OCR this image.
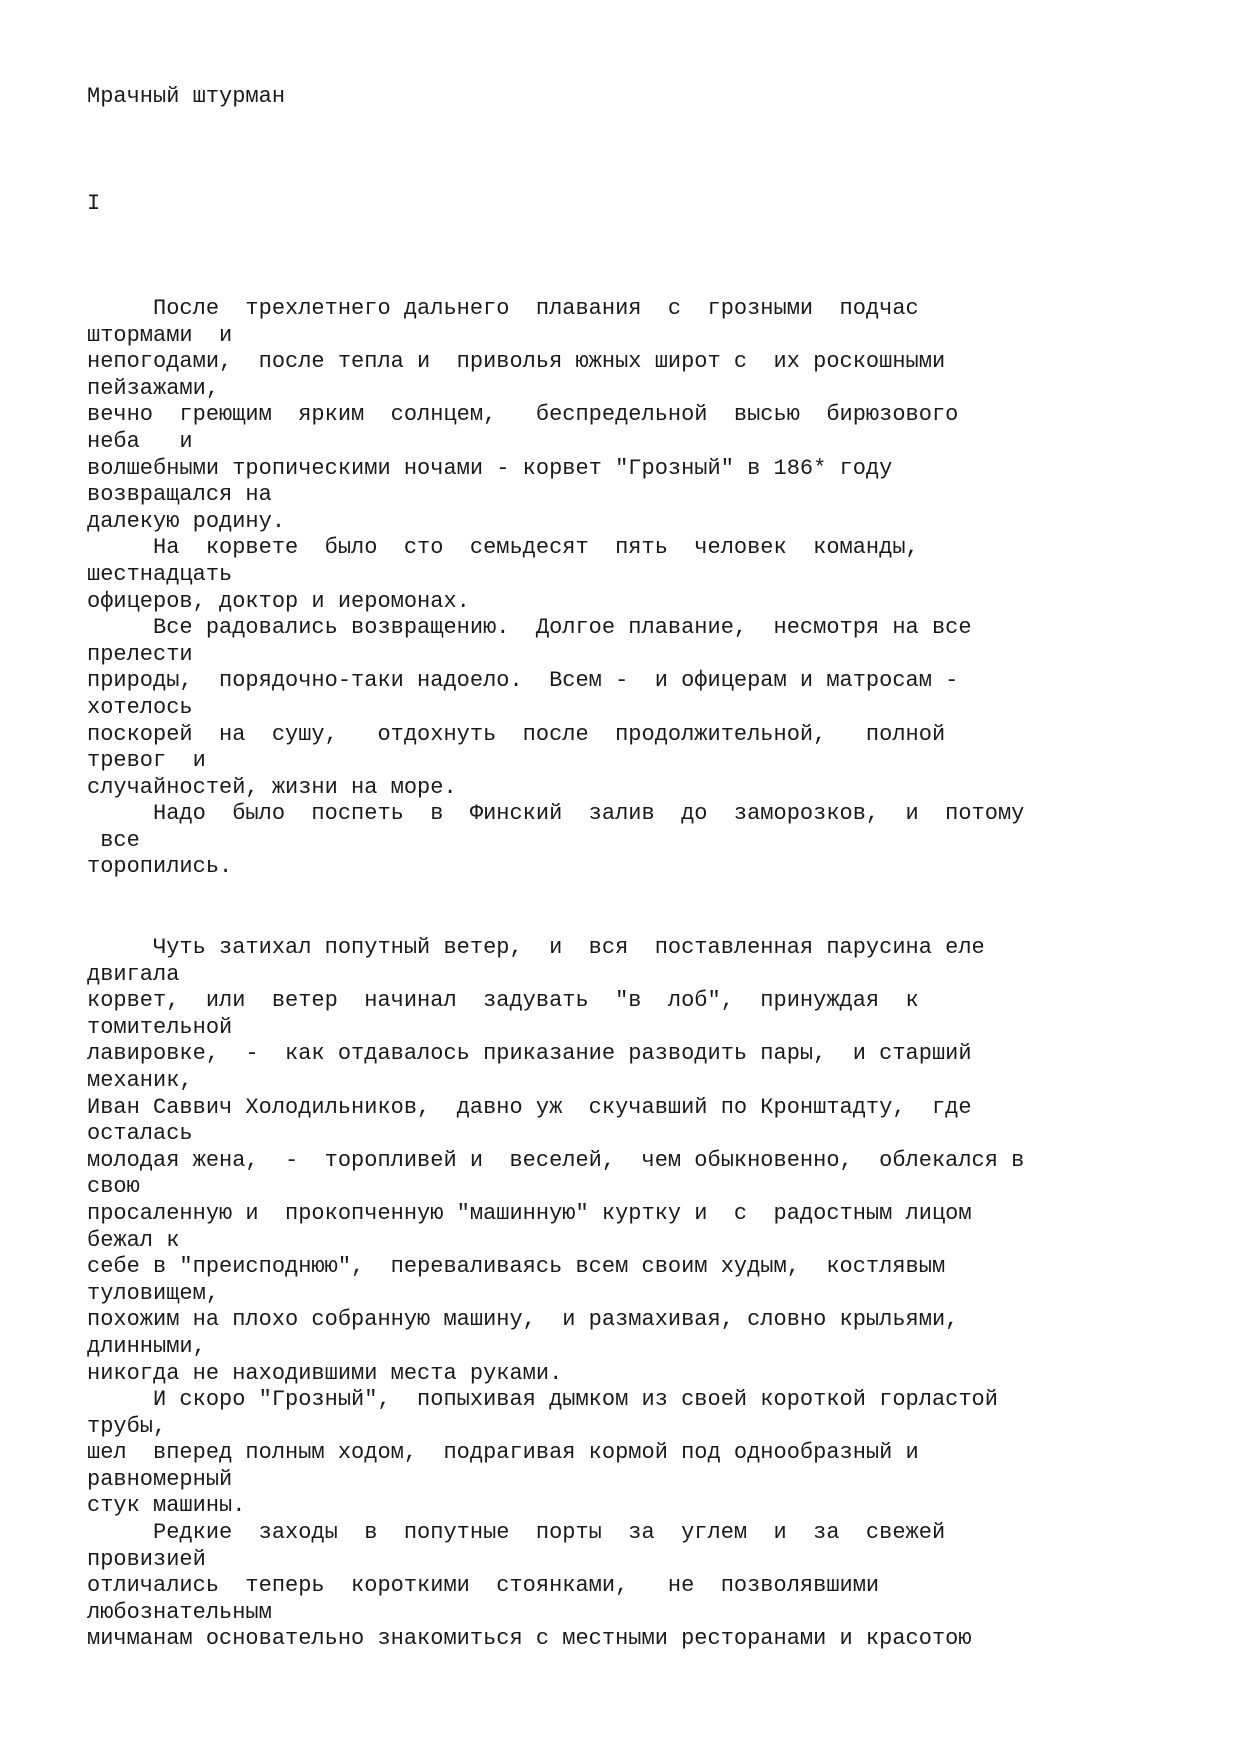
Мрачный штурман
I
После  трехлетнего дальнего  плавания  с  грозными  подчас
штормами  и
непогодами,  после тепла и  приволья южных широт с  их роскошными
пейзажами,
вечно  греющим  ярким  солнцем,   беспредельной  высью  бирюзового
неба   и
волшебными тропическими ночами - корвет "Грозный" в 186* году
возвращался на
далекую родину.
На  корвете  было  сто  семьдесят  пять  человек  команды,
шестнадцать
офицеров, доктор и иеромонах.
Все радовались возвращению.  Долгое плавание,  несмотря на все
прелести
природы,  порядочно-таки надоело.  Всем -  и офицерам и матросам -
хотелось
поскорей  на  сушу,   отдохнуть  после  продолжительной,   полной
тревог  и
случайностей, жизни на море.
Надо  было  поспеть  в  Финский  залив  до  заморозков,  и  потому
все
торопились.
Чуть затихал попутный ветер,  и  вся  поставленная парусина еле
двигала
корвет,  или  ветер  начинал  задувать  "в  лоб",  принуждая  к
томительной
лавировке,  -  как отдавалось приказание разводить пары,  и старший
механик,
Иван Саввич Холодильников,  давно уж  скучавший по Кронштадту,  где
осталась
молодая жена,  -  торопливей и  веселей,  чем обыкновенно,  облекался в
свою
просаленную и  прокопченную "машинную" куртку и  с  радостным лицом
бежал к
себе в "преисподнюю",  переваливаясь всем своим худым,  костлявым
туловищем,
похожим на плохо собранную машину,  и размахивая, словно крыльями,
длинными,
никогда не находившими места руками.
И скоро "Грозный",  попыхивая дымком из своей короткой горластой
трубы,
шел  вперед полным ходом,  подрагивая кормой под однообразный и
равномерный
стук машины.
Редкие  заходы  в  попутные  порты  за  углем  и  за  свежей
провизией
отличались  теперь  короткими  стоянками,   не  позволявшими
любознательным
мичманам основательно знакомиться с местными ресторанами и красотою
